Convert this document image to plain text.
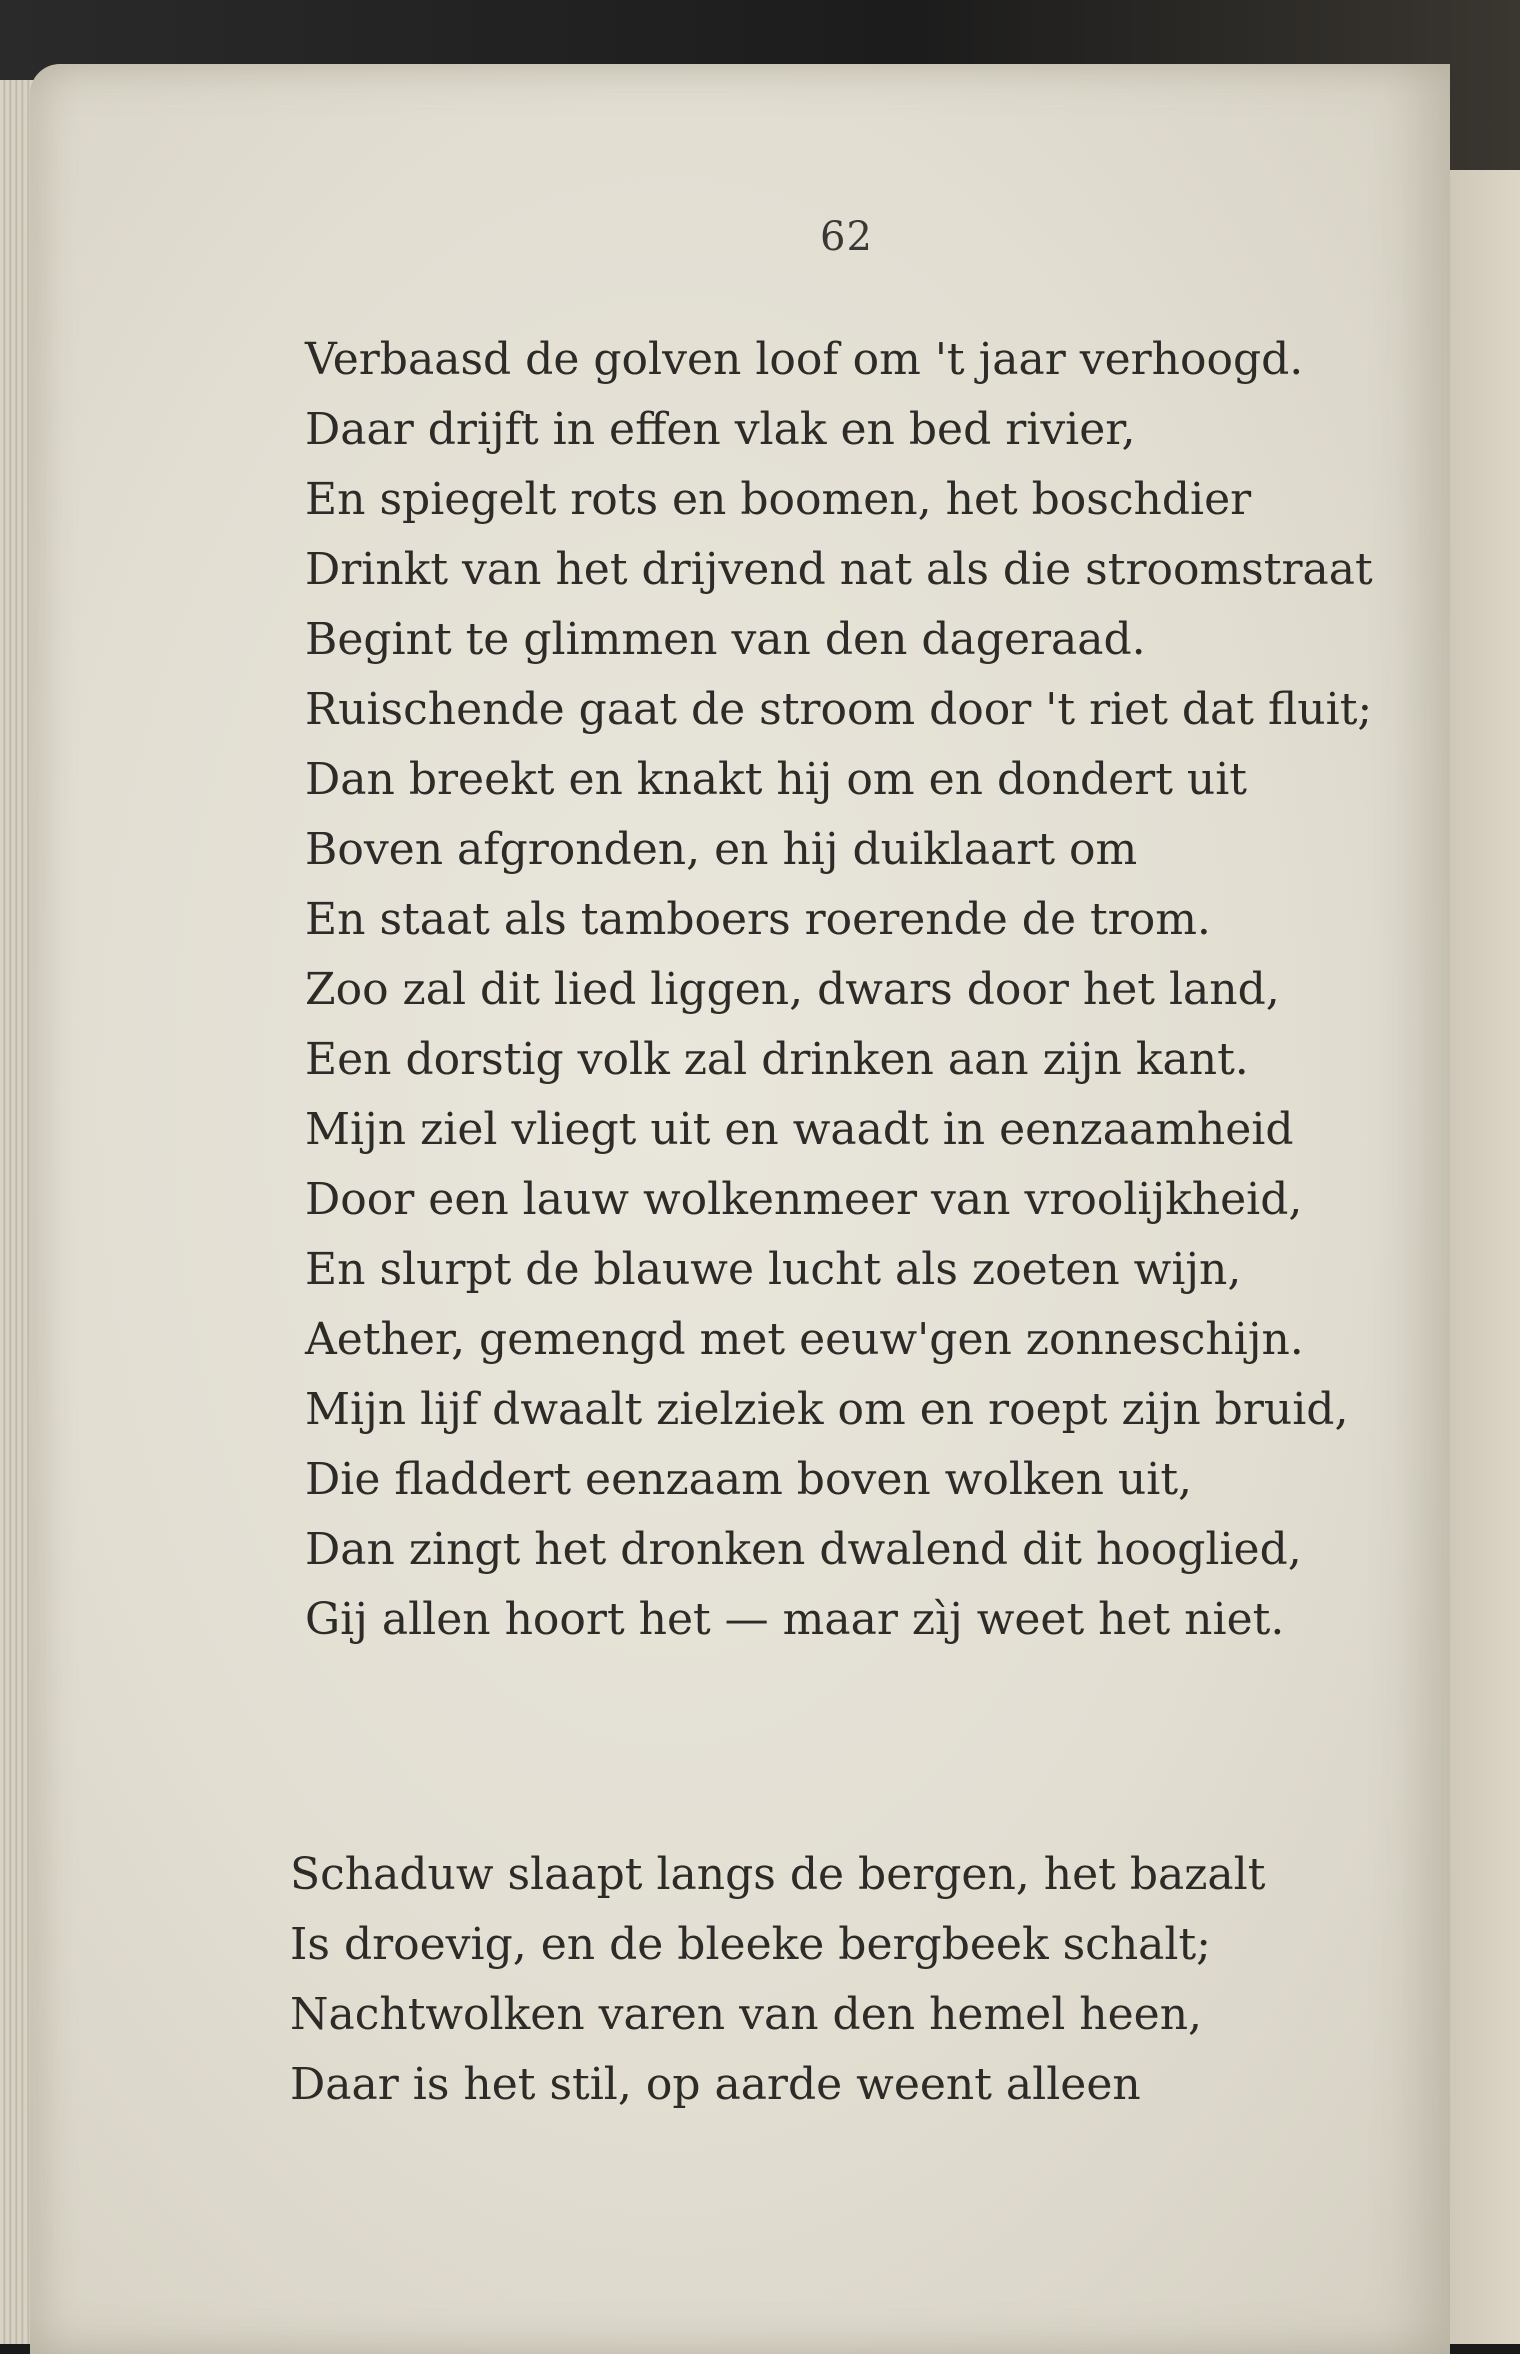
62
Verbaasd de golven loof om 't jaar verhoogd.
Daar drijft in effen vlak en bed rivier,
En spiegelt rots en boomen, het boschdier
Drinkt van het drijvend nat als die stroomstraat
Begint te glimmen van den dageraad.
Ruischende gaat de stroom door 't riet dat fluit;
Dan breekt en knakt hij om en dondert uit
Boven afgronden, en hij duiklaart om
En staat als tamboers roerende de trom.
Zoo zal dit lied liggen, dwars door het land,
Een dorstig volk zal drinken aan zijn kant.
Mijn ziel vliegt uit en waadt in eenzaamheid
Door een lauw wolkenmeer van vroolijkheid,
En slurpt de blauwe lucht als zoeten wijn,
Aether, gemengd met eeuw'gen zonneschijn.
Mijn lijf dwaalt zielziek om en roept zijn bruid,
Die fladdert eenzaam boven wolken uit,
Dan zingt het dronken dwalend dit hooglied,
Gij allen hoort het — maar zìj weet het niet.
Schaduw slaapt langs de bergen, het bazalt
Is droevig, en de bleeke bergbeek schalt;
Nachtwolken varen van den hemel heen,
Daar is het stil, op aarde weent alleen
